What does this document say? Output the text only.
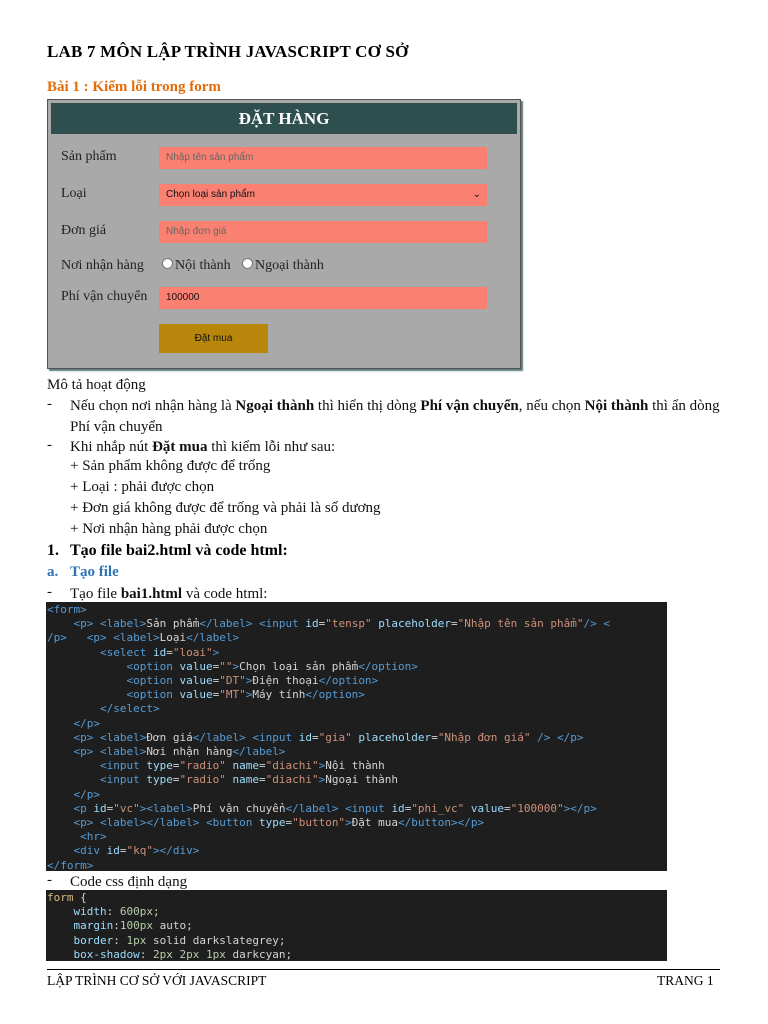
LAB 7 MÔN LẬP TRÌNH JAVASCRIPT CƠ SỞ
Bài 1 : Kiểm lỗi trong form
ĐẶT HÀNG
Sản phẩm	Nhập tên sản phẩm
Loại	Chọn loại sản phẩm	⌄
Đơn giá	Nhập đơn giá
Nơi nhận hàng	Nội thành	Ngoại thành
Phí vận chuyển	100000
Đặt mua
Mô tả hoạt động
- Nếu chọn nơi nhận hàng là Ngoại thành thì hiển thị dòng Phí vận chuyển, nếu chọn Nội thành thì ẩn dòng Phí vận chuyển
- Khi nhắp nút Đặt mua thì kiểm lỗi như sau:
+ Sản phẩm không được để trống
+ Loại : phải được chọn
+ Đơn giá không được để trống và phải là số dương
+ Nơi nhận hàng phải được chọn
1. Tạo file bai2.html và code html:
a. Tạo file
- Tạo file bai1.html và code html:
<form>
<p> <label>Sản phẩm</label> <input id="tensp" placeholder="Nhập tên sản phẩm"/> <
/p> <p> <label>Loại</label>
<select id="loai">
<option value="">Chọn loại sản phẩm</option>
<option value="DT">Điện thoại</option>
<option value="MT">Máy tính</option>
</select>
</p>
<p> <label>Đơn giá</label> <input id="gia" placeholder="Nhập đơn giá" /> </p>
<p> <label>Nơi nhận hàng</label>
<input type="radio" name="diachi">Nội thành
<input type="radio" name="diachi">Ngoại thành
</p>
<p id="vc"><label>Phí vận chuyển</label> <input id="phi_vc" value="100000"></p>
<p> <label></label> <button type="button">Đặt mua</button></p>
<hr>
<div id="kq"></div>
</form>
- Code css định dạng
form {
width: 600px;
margin:100px auto;
border: 1px solid darkslategrey;
box-shadow: 2px 2px 1px darkcyan;
LẬP TRÌNH CƠ SỞ VỚI JAVASCRIPT	TRANG 1
